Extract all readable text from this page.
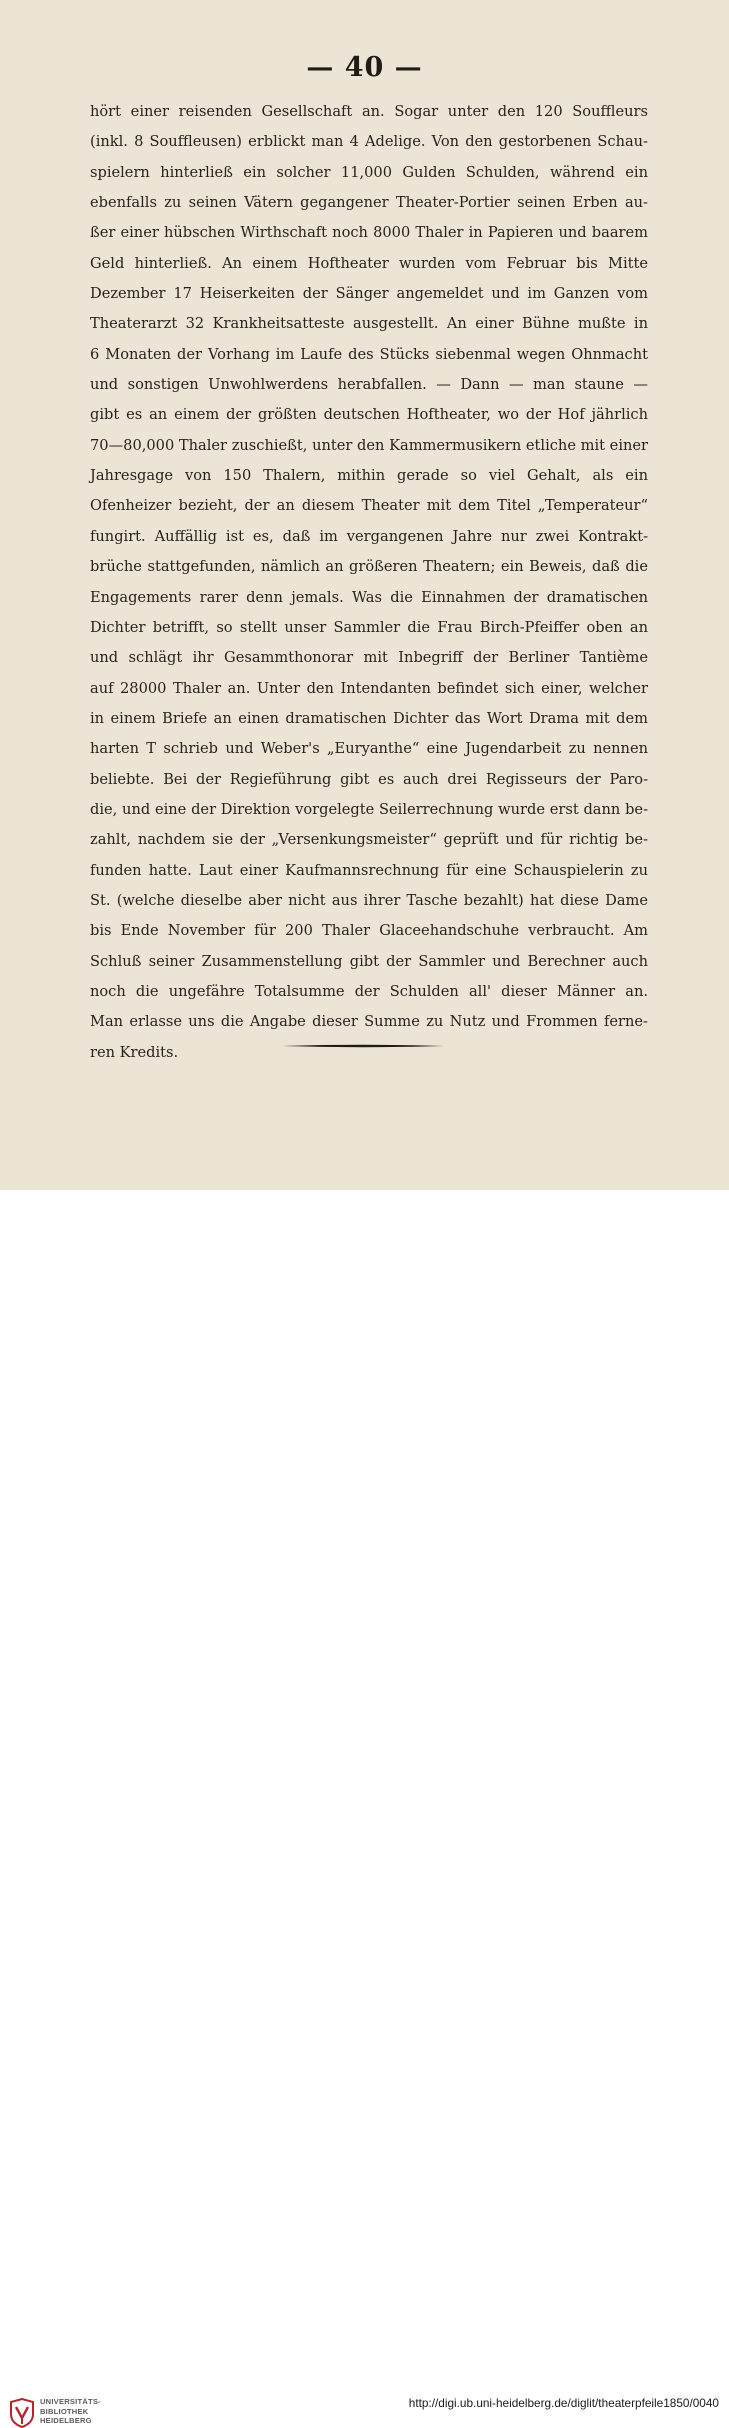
— 40 —
hört einer reisenden Gesellschaft an. Sogar unter den 120 Souffleurs
(inkl. 8 Souffleusen) erblickt man 4 Adelige. Von den gestorbenen Schau-
spielern hinterließ ein solcher 11,000 Gulden Schulden, während ein
ebenfalls zu seinen Vätern gegangener Theater-Portier seinen Erben au-
ßer einer hübschen Wirthschaft noch 8000 Thaler in Papieren und baarem
Geld hinterließ. An einem Hoftheater wurden vom Februar bis Mitte
Dezember 17 Heiserkeiten der Sänger angemeldet und im Ganzen vom
Theaterarzt 32 Krankheitsatteste ausgestellt. An einer Bühne mußte in
6 Monaten der Vorhang im Laufe des Stücks siebenmal wegen Ohnmacht
und sonstigen Unwohlwerdens herabfallen. — Dann — man staune —
gibt es an einem der größten deutschen Hoftheater, wo der Hof jährlich
70—80,000 Thaler zuschießt, unter den Kammermusikern etliche mit einer
Jahresgage von 150 Thalern, mithin gerade so viel Gehalt, als ein
Ofenheizer bezieht, der an diesem Theater mit dem Titel „Temperateur“
fungirt. Auffällig ist es, daß im vergangenen Jahre nur zwei Kontrakt-
brüche stattgefunden, nämlich an größeren Theatern; ein Beweis, daß die
Engagements rarer denn jemals. Was die Einnahmen der dramatischen
Dichter betrifft, so stellt unser Sammler die Frau Birch-Pfeiffer oben an
und schlägt ihr Gesammthonorar mit Inbegriff der Berliner Tantième
auf 28000 Thaler an. Unter den Intendanten befindet sich einer, welcher
in einem Briefe an einen dramatischen Dichter das Wort Drama mit dem
harten T schrieb und Weber's „Euryanthe“ eine Jugendarbeit zu nennen
beliebte. Bei der Regieführung gibt es auch drei Regisseurs der Paro-
die, und eine der Direktion vorgelegte Seilerrechnung wurde erst dann be-
zahlt, nachdem sie der „Versenkungsmeister“ geprüft und für richtig be-
funden hatte. Laut einer Kaufmannsrechnung für eine Schauspielerin zu
St. (welche dieselbe aber nicht aus ihrer Tasche bezahlt) hat diese Dame
bis Ende November für 200 Thaler Glaceehandschuhe verbraucht. Am
Schluß seiner Zusammenstellung gibt der Sammler und Berechner auch
noch die ungefähre Totalsumme der Schulden all' dieser Männer an.
Man erlasse uns die Angabe dieser Summe zu Nutz und Frommen ferne-
ren Kredits.
UNIVERSITÄTS-
BIBLIOTHEK
HEIDELBERG
http://digi.ub.uni-heidelberg.de/diglit/theaterpfeile1850/0040
